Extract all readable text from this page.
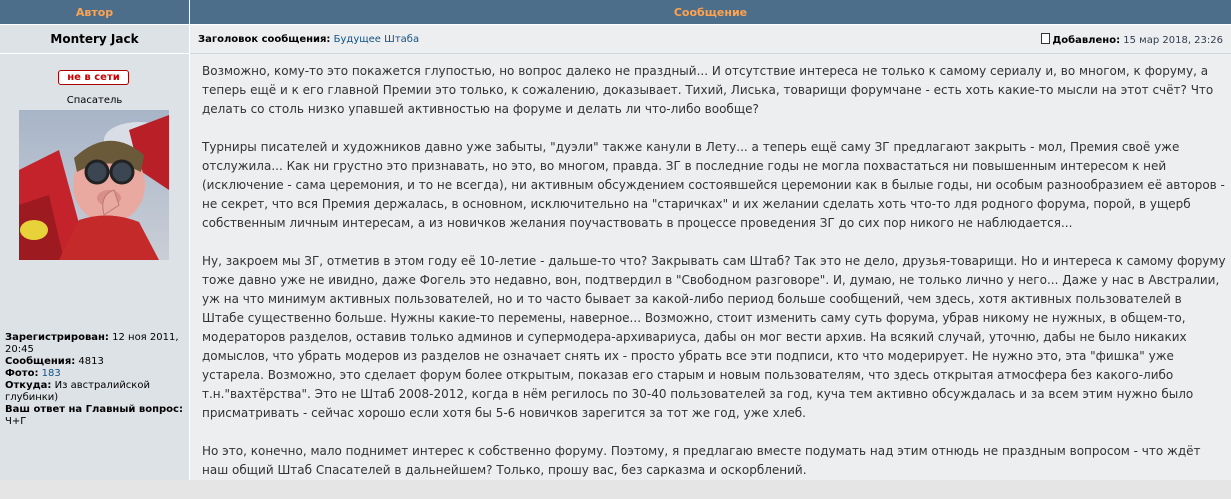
Автор	Сообщение
Montery Jack
не в сети
Спасатель
Зарегистрирован: 12 ноя 2011, 20:45
Сообщения: 4813
Фото: 183
Откуда: Из австралийской глубинки)
Ваш ответ на Главный вопрос:
Ч+Г
Заголовок сообщения: Будущее Штаба	Добавлено: 15 мар 2018, 23:26

Возможно, кому-то это покажется глупостью, но вопрос далеко не праздный... И отсутствие интереса не только к самому сериалу и, во многом, к форуму, а теперь ещё и к его главной Премии это только, к сожалению, доказывает. Тихий, Лиська, товарищи форумчане - есть хоть какие-то мысли на этот счёт? Что делать со столь низко упавшей активностью на форуме и делать ли что-либо вообще?

Турниры писателей и художников давно уже забыты, "дуэли" также канули в Лету... а теперь ещё саму ЗГ предлагают закрыть - мол, Премия своё уже отслужила... Как ни грустно это признавать, но это, во многом, правда. ЗГ в последние годы не могла похвастаться ни повышенным интересом к ней (исключение - сама церемония, и то не всегда), ни активным обсуждением состоявшейся церемонии как в былые годы, ни особым разнообразием её авторов - не секрет, что вся Премия держалась, в основном, исключительно на "старичках" и их желании сделать хоть что-то лдя родного форума, порой, в ущерб собственным личным интересам, а из новичков желания поучаствовать в процессе проведения ЗГ до сих пор никого не наблюдается...

Ну, закроем мы ЗГ, отметив в этом году её 10-летие - дальше-то что? Закрывать сам Штаб? Так это не дело, друзья-товарищи. Но и интереса к самому форуму тоже давно уже не ивидно, даже Фогель это недавно, вон, подтвердил в "Свободном разговоре". И, думаю, не только лично у него... Даже у нас в Австралии, уж на что минимум активных пользователей, но и то часто бывает за какой-либо период больше сообщений, чем здесь, хотя активных пользователей в Штабе существенно больше. Нужны какие-то перемены, наверное... Возможно, стоит изменить саму суть форума, убрав никому не нужных, в общем-то, модераторов разделов, оставив только админов и супермодера-архивариуса, дабы он мог вести архив. На всякий случай, уточню, дабы не было никаких домыслов, что убрать модеров из разделов не означает снять их - просто убрать все эти подписи, кто что модерирует. Не нужно это, эта "фишка" уже устарела. Возможно, это сделает форум более открытым, показав его старым и новым пользователям, что здесь открытая атмосфера без какого-либо т.н."вахтёрства". Это не Штаб 2008-2012, когда в нём регилось по 30-40 пользователей за год, куча тем активно обсуждалась и за всем этим нужно было присматривать - сейчас хорошо если хотя бы 5-6 новичков зарегится за тот же год, уже хлеб.

Но это, конечно, мало поднимет интерес к собственно форуму. Поэтому, я предлагаю вместе подумать над этим отнюдь не праздным вопросом - что ждёт наш общий Штаб Спасателей в дальнейшем? Только, прошу вас, без сарказма и оскорблений.
